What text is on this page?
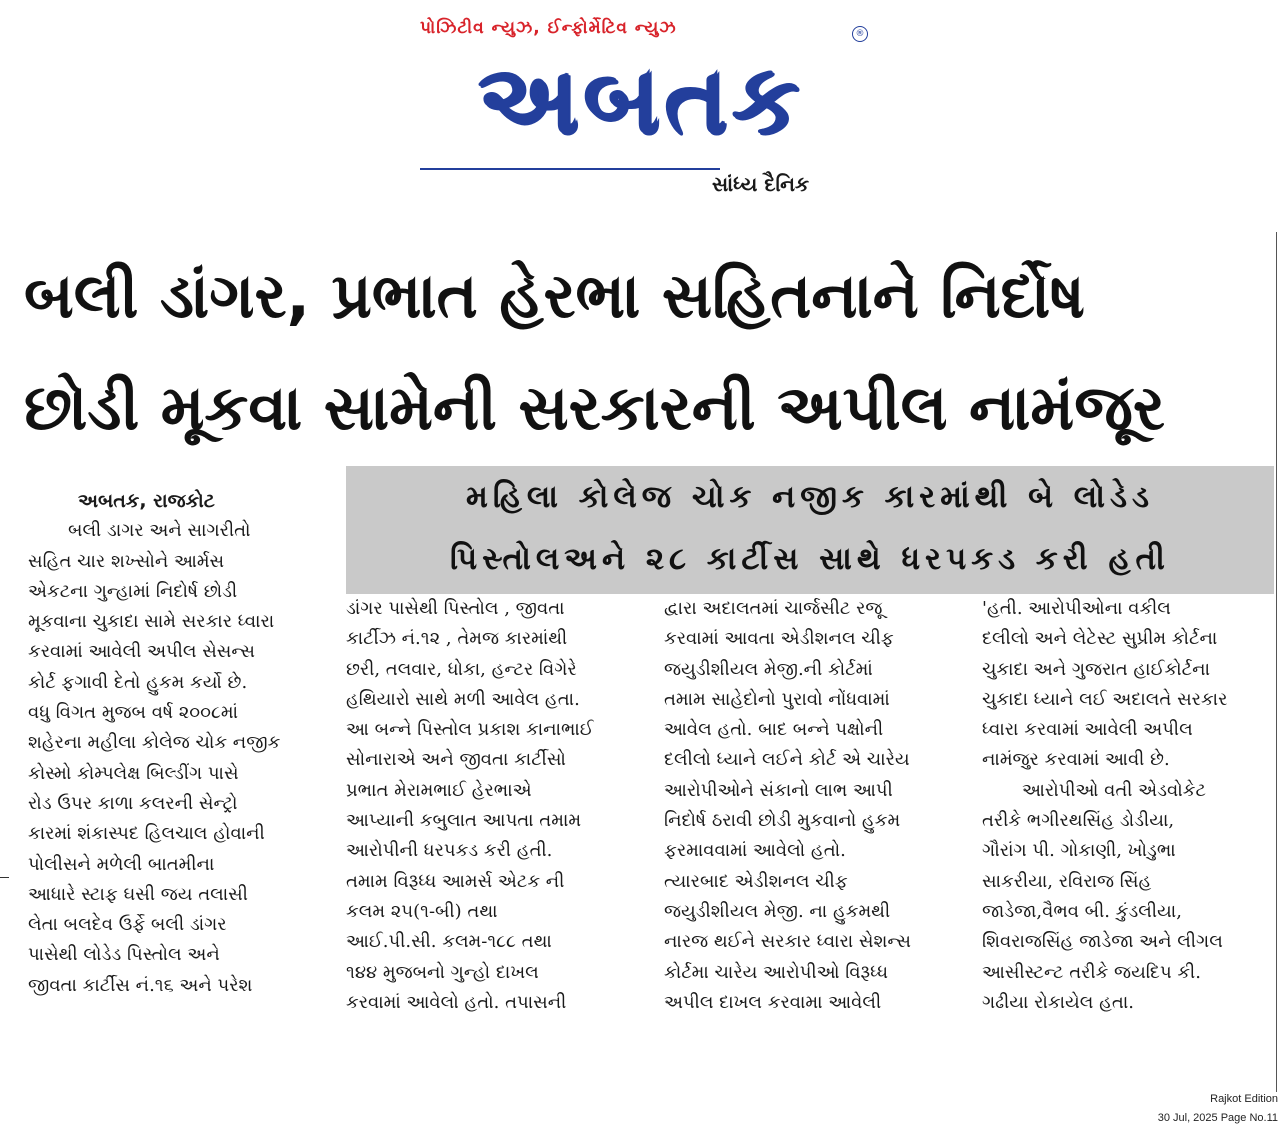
પોઝિટીવ ન્યુઝ, ઈન્ફોર્મેટિવ ન્યુઝ
અબતક
®
સાંધ્ય દૈનિક
બલી ડાંગર, પ્રભાત હેરભા સહિતનાને નિર્દોષ
છોડી મૂકવા સામેની સરકારની અપીલ નામંજૂર
મહિલા કોલેજ ચોક નજીક કારમાંથી બે લોડેડ
પિસ્તોલઅને ૨૮ કાર્ટીસ સાથે ધરપકડ કરી હતી
અબતક, રાજકોટ
બલી ડાગર અને સાગરીતો
સહિત ચાર શખ્સોને આર્મસ
એકટના ગુન્હામાં નિદોર્ષ છોડી
મૂકવાના ચુકાદા સામે સરકાર ધ્વારા
કરવામાં આવેલી અપીલ સેસન્સ
કોર્ટ ફગાવી દેતો હુકમ કર્યો છે.
વધુ વિગત મુજબ વર્ષ ૨૦૦૮માં
શહેરના મહીલા કોલેજ ચોક નજીક
કોસ્મો કોમ્પલેક્ષ બિલ્ડીંગ પાસે
રોડ ઉપર કાળા કલરની સેન્ટ્રો
કારમાં શંકાસ્પદ હિલચાલ હોવાની
પોલીસને મળેલી બાતમીના
આધારે સ્ટાફ ઘસી જય તલાસી
લેતા બલદેવ ઉર્ફે બલી ડાંગર
પાસેથી લોડેડ પિસ્તોલ અને
જીવતા કાર્ટીસ નં.૧૬ અને પરેશ
ડાંગર પાસેથી પિસ્તોલ , જીવતા
કાર્ટીઝ નં.૧૨ , તેમજ કારમાંથી
છરી, તલવાર, ધોકા, હન્ટર વિગેરે
હથિયારો સાથે મળી આવેલ હતા.
આ બન્ને પિસ્તોલ પ્રકાશ કાનાભાઈ
સોનારાએ અને જીવતા કાર્ટીસો
પ્રભાત મેરામભાઈ હેરભાએ
આપ્યાની કબુલાત આપતા તમામ
આરોપીની ધરપકડ કરી હતી.
તમામ વિરૂધ્ધ આમર્સ એટક ની
કલમ ૨૫(૧-બી) તથા
આઈ.પી.સી. કલમ-૧૮૮ તથા
૧૪૪ મુજબનો ગુન્હો દાખલ
કરવામાં આવેલો હતો. તપાસની
દ્વારા અદાલતમાં ચાર્જસીટ રજૂ
કરવામાં આવતા એડીશનલ ચીફ
જયુડીશીયલ મેજી.ની કોર્ટમાં
તમામ સાહેદોનો પુરાવો નોંધવામાં
આવેલ હતો. બાદ બન્ને પક્ષોની
દલીલો ધ્યાને લઈને કોર્ટ એ ચારેય
આરોપીઓને સંકાનો લાભ આપી
નિદોર્ષ ઠરાવી છોડી મુકવાનો હુકમ
ફરમાવવામાં આવેલો હતો.
ત્યારબાદ એડીશનલ ચીફ
જયુડીશીયલ મેજી. ના હુકમથી
નારજ થઈને સરકાર ધ્વારા સેશન્સ
કોર્ટમા ચારેય આરોપીઓ વિરૂધ્ધ
અપીલ દાખલ કરવામા આવેલી
'હતી. આરોપીઓના વકીલ
દલીલો અને લેટેસ્ટ સુપ્રીમ કોર્ટના
ચુકાદા અને ગુજરાત હાઈકોર્ટના
ચુકાદા ધ્યાને લઈ અદાલતે સરકાર
ધ્વારા કરવામાં આવેલી અપીલ
નામંજુર કરવામાં આવી છે.
આરોપીઓ વતી એડવોકેટ
તરીકે ભગીરથસિંહ ડોડીયા,
ગૌરાંગ પી. ગોકાણી, ખોડુભા
સાકરીયા, રવિરાજ સિંહ
જાડેજા,વૈભવ બી. કુંડલીયા,
શિવરાજસિંહ જાડેજા અને લીગલ
આસીસ્ટન્ટ તરીકે જયદિપ કી.
ગઢીયા રોકાયેલ હતા.
Rajkot Edition
30 Jul, 2025 Page No.11
